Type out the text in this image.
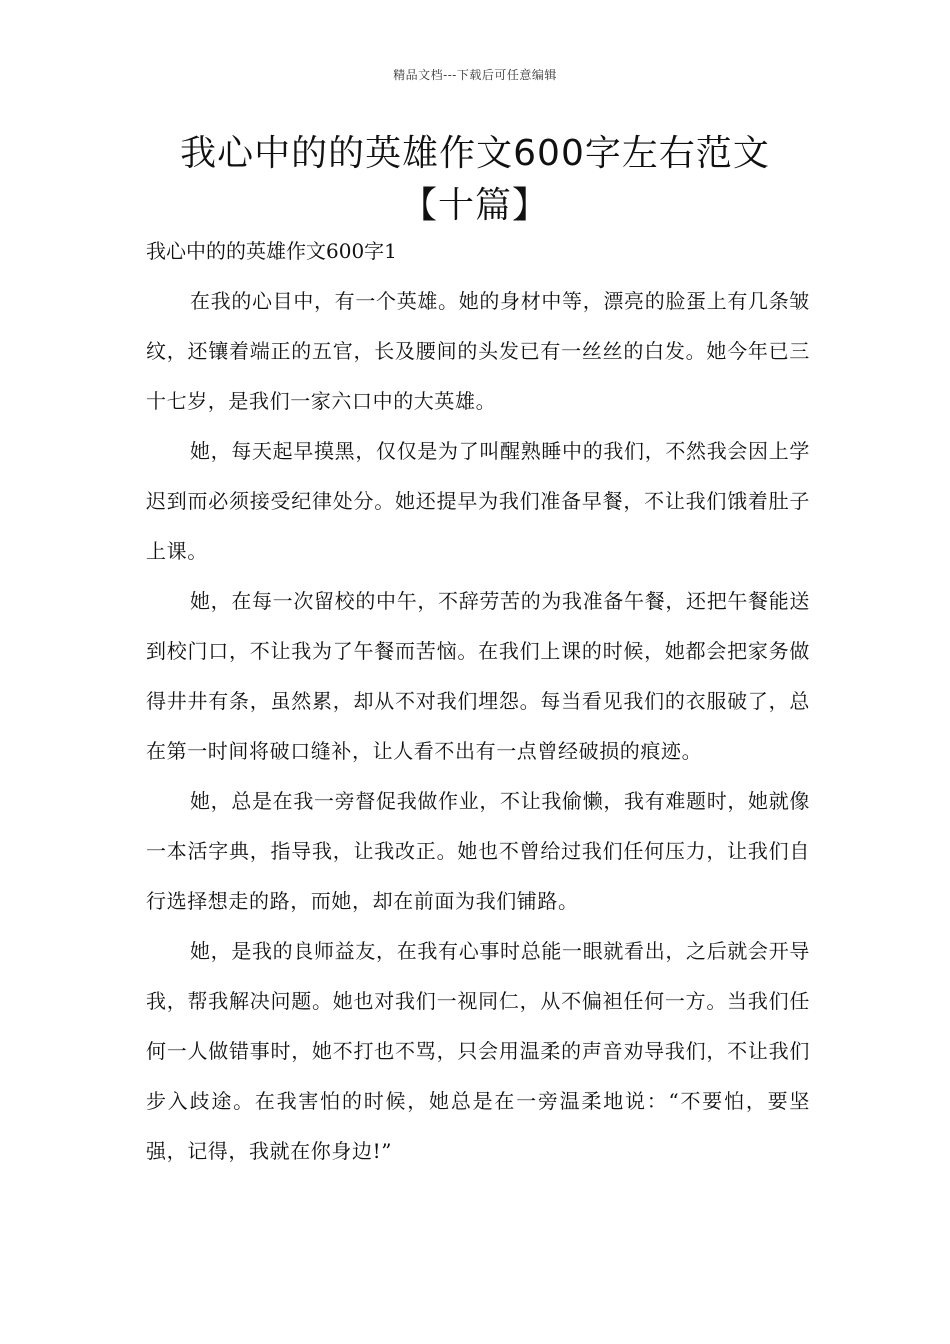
精品文档---下载后可任意编辑
我心中的的英雄作文600字左右范文
【十篇】

我心中的的英雄作文600字1

在我的心目中，有一个英雄。她的身材中等，漂亮的脸蛋上有几条皱纹，还镶着端正的五官，长及腰间的头发已有一丝丝的白发。她今年已三十七岁，是我们一家六口中的大英雄。

她，每天起早摸黑，仅仅是为了叫醒熟睡中的我们，不然我会因上学迟到而必须接受纪律处分。她还提早为我们准备早餐，不让我们饿着肚子上课。

她，在每一次留校的中午，不辞劳苦的为我准备午餐，还把午餐能送到校门口，不让我为了午餐而苦恼。在我们上课的时候，她都会把家务做得井井有条，虽然累，却从不对我们埋怨。每当看见我们的衣服破了，总在第一时间将破口缝补，让人看不出有一点曾经破损的痕迹。

她，总是在我一旁督促我做作业，不让我偷懒，我有难题时，她就像一本活字典，指导我，让我改正。她也不曾给过我们任何压力，让我们自行选择想走的路，而她，却在前面为我们铺路。

她，是我的良师益友，在我有心事时总能一眼就看出，之后就会开导我，帮我解决问题。她也对我们一视同仁，从不偏袒任何一方。当我们任何一人做错事时，她不打也不骂，只会用温柔的声音劝导我们，不让我们步入歧途。在我害怕的时候，她总是在一旁温柔地说：“不要怕，要坚强，记得，我就在你身边!”
